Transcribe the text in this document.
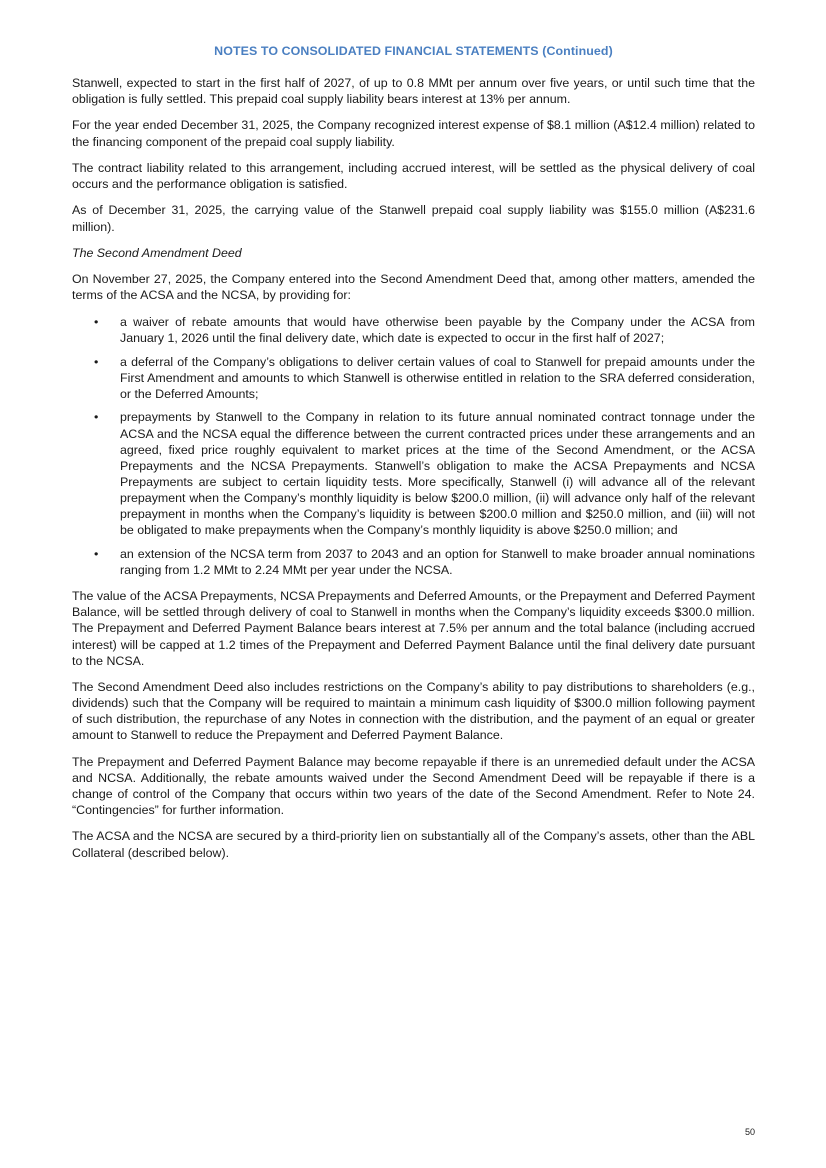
NOTES TO CONSOLIDATED FINANCIAL STATEMENTS (Continued)

Stanwell, expected to start in the first half of 2027, of up to 0.8 MMt per annum over five years, or until such time that the obligation is fully settled. This prepaid coal supply liability bears interest at 13% per annum.

For the year ended December 31, 2025, the Company recognized interest expense of $8.1 million (A$12.4 million) related to the financing component of the prepaid coal supply liability.

The contract liability related to this arrangement, including accrued interest, will be settled as the physical delivery of coal occurs and the performance obligation is satisfied.

As of December 31, 2025, the carrying value of the Stanwell prepaid coal supply liability was $155.0 million (A$231.6 million).

The Second Amendment Deed

On November 27, 2025, the Company entered into the Second Amendment Deed that, among other matters, amended the terms of the ACSA and the NCSA, by providing for:

• a waiver of rebate amounts that would have otherwise been payable by the Company under the ACSA from January 1, 2026 until the final delivery date, which date is expected to occur in the first half of 2027;
• a deferral of the Company’s obligations to deliver certain values of coal to Stanwell for prepaid amounts under the First Amendment and amounts to which Stanwell is otherwise entitled in relation to the SRA deferred consideration, or the Deferred Amounts;
• prepayments by Stanwell to the Company in relation to its future annual nominated contract tonnage under the ACSA and the NCSA equal the difference between the current contracted prices under these arrangements and an agreed, fixed price roughly equivalent to market prices at the time of the Second Amendment, or the ACSA Prepayments and the NCSA Prepayments. Stanwell’s obligation to make the ACSA Prepayments and NCSA Prepayments are subject to certain liquidity tests. More specifically, Stanwell (i) will advance all of the relevant prepayment when the Company’s monthly liquidity is below $200.0 million, (ii) will advance only half of the relevant prepayment in months when the Company’s liquidity is between $200.0 million and $250.0 million, and (iii) will not be obligated to make prepayments when the Company’s monthly liquidity is above $250.0 million; and
• an extension of the NCSA term from 2037 to 2043 and an option for Stanwell to make broader annual nominations ranging from 1.2 MMt to 2.24 MMt per year under the NCSA.

The value of the ACSA Prepayments, NCSA Prepayments and Deferred Amounts, or the Prepayment and Deferred Payment Balance, will be settled through delivery of coal to Stanwell in months when the Company’s liquidity exceeds $300.0 million. The Prepayment and Deferred Payment Balance bears interest at 7.5% per annum and the total balance (including accrued interest) will be capped at 1.2 times of the Prepayment and Deferred Payment Balance until the final delivery date pursuant to the NCSA.

The Second Amendment Deed also includes restrictions on the Company’s ability to pay distributions to shareholders (e.g., dividends) such that the Company will be required to maintain a minimum cash liquidity of $300.0 million following payment of such distribution, the repurchase of any Notes in connection with the distribution, and the payment of an equal or greater amount to Stanwell to reduce the Prepayment and Deferred Payment Balance.

The Prepayment and Deferred Payment Balance may become repayable if there is an unremedied default under the ACSA and NCSA. Additionally, the rebate amounts waived under the Second Amendment Deed will be repayable if there is a change of control of the Company that occurs within two years of the date of the Second Amendment. Refer to Note 24. “Contingencies” for further information.

The ACSA and the NCSA are secured by a third-priority lien on substantially all of the Company’s assets, other than the ABL Collateral (described below).

50
